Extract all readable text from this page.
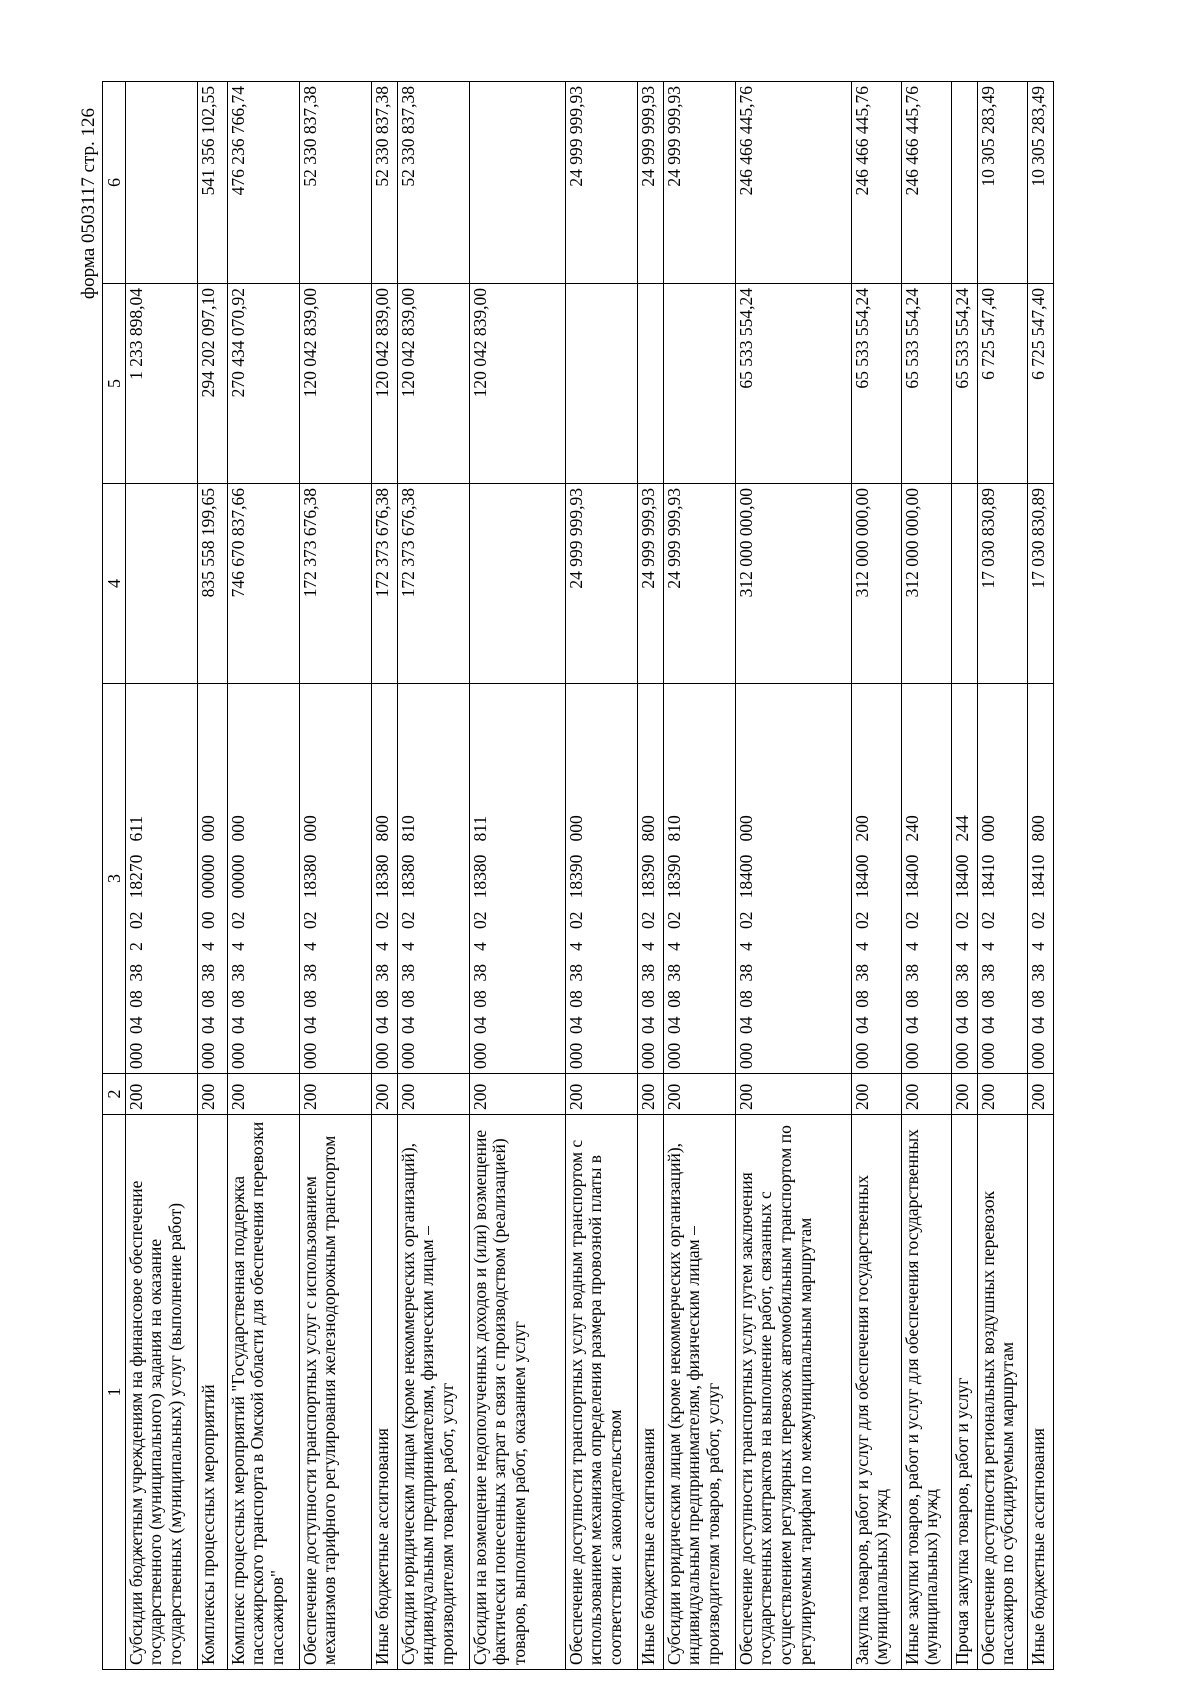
форма 0503117 стр. 126
1	2	3	4	5	6
Субсидии бюджетным учреждениям на финансовое обеспечение государственного (муниципального) задания на оказание государственных (муниципальных) услуг (выполнение работ)	200	000  04  08  38   2   02   18270   611		1 233 898,04	
Комплексы процессных мероприятий	200	000  04  08  38   4   00   00000   000	835 558 199,65	294 202 097,10	541 356 102,55
Комплекс процессных мероприятий "Государственная поддержка пассажирского транспорта в Омской области для обеспечения перевозки пассажиров"	200	000  04  08  38   4   02   00000   000	746 670 837,66	270 434 070,92	476 236 766,74
Обеспечение доступности транспортных услуг с использованием механизмов тарифного регулирования железнодорожным транспортом	200	000  04  08  38   4   02   18380   000	172 373 676,38	120 042 839,00	52 330 837,38
Иные бюджетные ассигнования	200	000  04  08  38   4   02   18380   800	172 373 676,38	120 042 839,00	52 330 837,38
Субсидии юридическим лицам (кроме некоммерческих организаций), индивидуальным предпринимателям, физическим лицам – производителям товаров, работ, услуг	200	000  04  08  38   4   02   18380   810	172 373 676,38	120 042 839,00	52 330 837,38
Субсидии на возмещение недополученных доходов и (или) возмещение фактически понесенных затрат в связи с производством (реализацией) товаров, выполнением работ, оказанием услуг	200	000  04  08  38   4   02   18380   811		120 042 839,00	
Обеспечение доступности транспортных услуг водным транспортом с использованием механизма определения размера провозной платы в соответствии с законодательством	200	000  04  08  38   4   02   18390   000	24 999 999,93		24 999 999,93
Иные бюджетные ассигнования	200	000  04  08  38   4   02   18390   800	24 999 999,93		24 999 999,93
Субсидии юридическим лицам (кроме некоммерческих организаций), индивидуальным предпринимателям, физическим лицам – производителям товаров, работ, услуг	200	000  04  08  38   4   02   18390   810	24 999 999,93		24 999 999,93
Обеспечение доступности транспортных услуг путем заключения государственных контрактов на выполнение работ, связанных с осуществлением регулярных перевозок автомобильным транспортом по регулируемым тарифам по межмуниципальным маршрутам	200	000  04  08  38   4   02   18400   000	312 000 000,00	65 533 554,24	246 466 445,76
Закупка товаров, работ и услуг для обеспечения государственных (муниципальных) нужд	200	000  04  08  38   4   02   18400   200	312 000 000,00	65 533 554,24	246 466 445,76
Иные закупки товаров, работ и услуг для обеспечения государственных (муниципальных) нужд	200	000  04  08  38   4   02   18400   240	312 000 000,00	65 533 554,24	246 466 445,76
Прочая закупка товаров, работ и услуг	200	000  04  08  38   4   02   18400   244		65 533 554,24	
Обеспечение доступности региональных воздушных перевозок пассажиров по субсидируемым маршрутам	200	000  04  08  38   4   02   18410   000	17 030 830,89	6 725 547,40	10 305 283,49
Иные бюджетные ассигнования	200	000  04  08  38   4   02   18410   800	17 030 830,89	6 725 547,40	10 305 283,49
